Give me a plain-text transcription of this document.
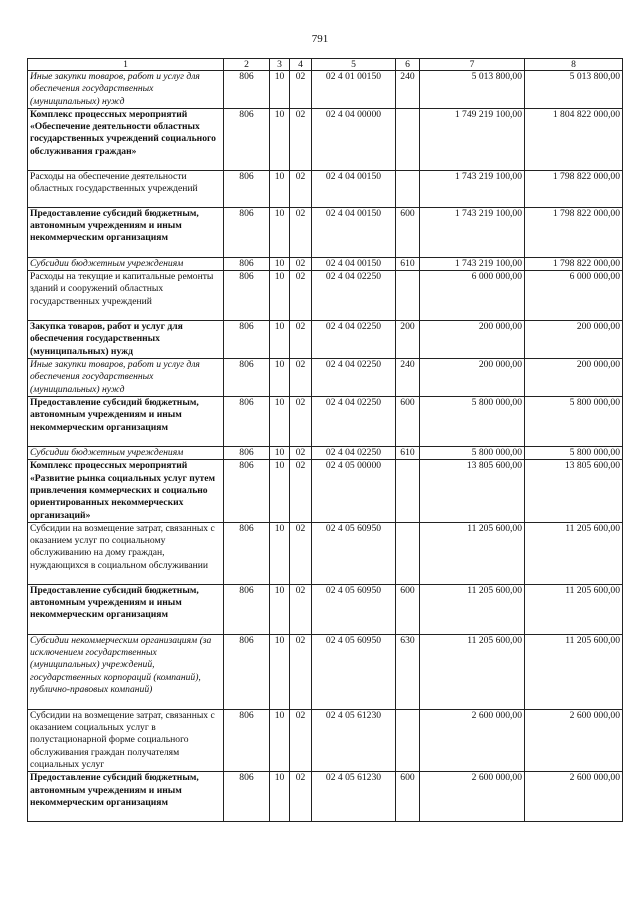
791
1	2	3	4	5	6	7	8
Иные закупки товаров, работ и услуг для обеспечения государственных (муниципальных) нужд	806	10	02	02 4 01 00150	240	5 013 800,00	5 013 800,00
Комплекс процессных мероприятий «Обеспечение деятельности областных государственных учреждений социального обслуживания граждан»	806	10	02	02 4 04 00000		1 749 219 100,00	1 804 822 000,00
Расходы на обеспечение деятельности областных государственных учреждений	806	10	02	02 4 04 00150		1 743 219 100,00	1 798 822 000,00
Предоставление субсидий бюджетным, автономным учреждениям и иным некоммерческим организациям	806	10	02	02 4 04 00150	600	1 743 219 100,00	1 798 822 000,00
Субсидии бюджетным учреждениям	806	10	02	02 4 04 00150	610	1 743 219 100,00	1 798 822 000,00
Расходы на текущие и капитальные ремонты зданий и сооружений областных государственных учреждений	806	10	02	02 4 04 02250		6 000 000,00	6 000 000,00
Закупка товаров, работ и услуг для обеспечения государственных (муниципальных) нужд	806	10	02	02 4 04 02250	200	200 000,00	200 000,00
Иные закупки товаров, работ и услуг для обеспечения государственных (муниципальных) нужд	806	10	02	02 4 04 02250	240	200 000,00	200 000,00
Предоставление субсидий бюджетным, автономным учреждениям и иным некоммерческим организациям	806	10	02	02 4 04 02250	600	5 800 000,00	5 800 000,00
Субсидии бюджетным учреждениям	806	10	02	02 4 04 02250	610	5 800 000,00	5 800 000,00
Комплекс процессных мероприятий «Развитие рынка социальных услуг путем привлечения коммерческих и социально ориентированных некоммерческих организаций»	806	10	02	02 4 05 00000		13 805 600,00	13 805 600,00
Субсидии на возмещение затрат, связанных с оказанием услуг по социальному обслуживанию на дому граждан, нуждающихся в социальном обслуживании	806	10	02	02 4 05 60950		11 205 600,00	11 205 600,00
Предоставление субсидий бюджетным, автономным учреждениям и иным некоммерческим организациям	806	10	02	02 4 05 60950	600	11 205 600,00	11 205 600,00
Субсидии некоммерческим организациям (за исключением государственных (муниципальных) учреждений, государственных корпораций (компаний), публично-правовых компаний)	806	10	02	02 4 05 60950	630	11 205 600,00	11 205 600,00
Субсидии на возмещение затрат, связанных с оказанием социальных услуг в полустационарной форме социального обслуживания граждан получателям социальных услуг	806	10	02	02 4 05 61230		2 600 000,00	2 600 000,00
Предоставление субсидий бюджетным, автономным учреждениям и иным некоммерческим организациям	806	10	02	02 4 05 61230	600	2 600 000,00	2 600 000,00
